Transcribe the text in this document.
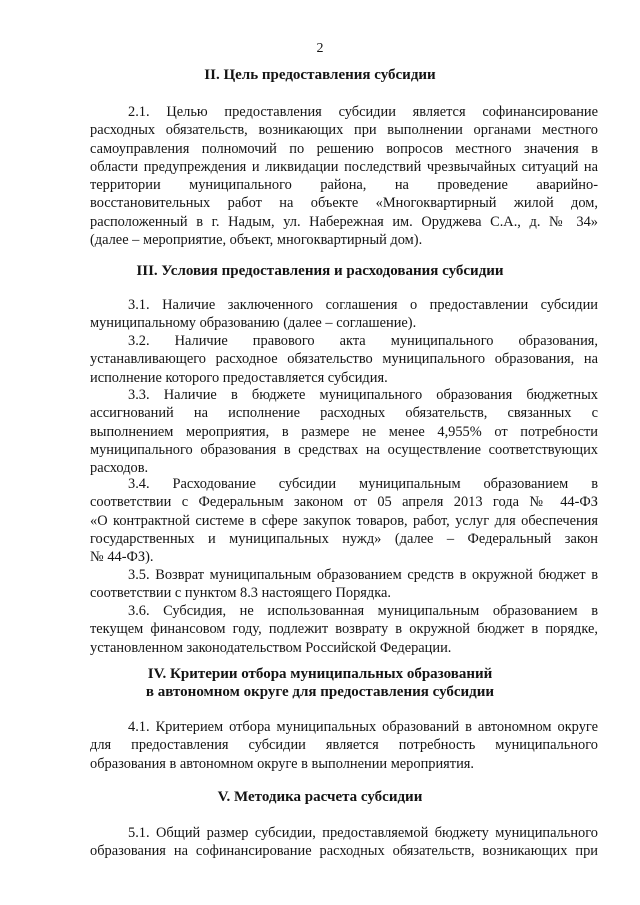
2
II. Цель предоставления субсидии
2.1. Целью предоставления субсидии является софинансирование
расходных обязательств, возникающих при выполнении органами местного
самоуправления полномочий по решению вопросов местного значения в
области предупреждения и ликвидации последствий чрезвычайных ситуаций на
территории муниципального района, на проведение аварийно-
восстановительных работ на объекте «Многоквартирный жилой дом,
расположенный в г. Надым, ул. Набережная им. Оруджева С.А., д. № 34»
(далее – мероприятие, объект, многоквартирный дом).
III. Условия предоставления и расходования субсидии
3.1. Наличие заключенного соглашения о предоставлении субсидии
муниципальному образованию (далее – соглашение).
3.2. Наличие правового акта муниципального образования,
устанавливающего расходное обязательство муниципального образования, на
исполнение которого предоставляется субсидия.
3.3. Наличие в бюджете муниципального образования бюджетных
ассигнований на исполнение расходных обязательств, связанных с
выполнением мероприятия, в размере не менее 4,955% от потребности
муниципального образования в средствах на осуществление соответствующих
расходов.
3.4. Расходование субсидии муниципальным образованием в
соответствии с Федеральным законом от 05 апреля 2013 года № 44-ФЗ
«О контрактной системе в сфере закупок товаров, работ, услуг для обеспечения
государственных и муниципальных нужд» (далее – Федеральный закон
№ 44-ФЗ).
3.5. Возврат муниципальным образованием средств в окружной бюджет в
соответствии с пунктом 8.3 настоящего Порядка.
3.6. Субсидия, не использованная муниципальным образованием в
текущем финансовом году, подлежит возврату в окружной бюджет в порядке,
установленном законодательством Российской Федерации.
IV. Критерии отбора муниципальных образований
в автономном округе для предоставления субсидии
4.1. Критерием отбора муниципальных образований в автономном округе
для предоставления субсидии является потребность муниципального
образования в автономном округе в выполнении мероприятия.
V. Методика расчета субсидии
5.1. Общий размер субсидии, предоставляемой бюджету муниципального
образования на софинансирование расходных обязательств, возникающих при
